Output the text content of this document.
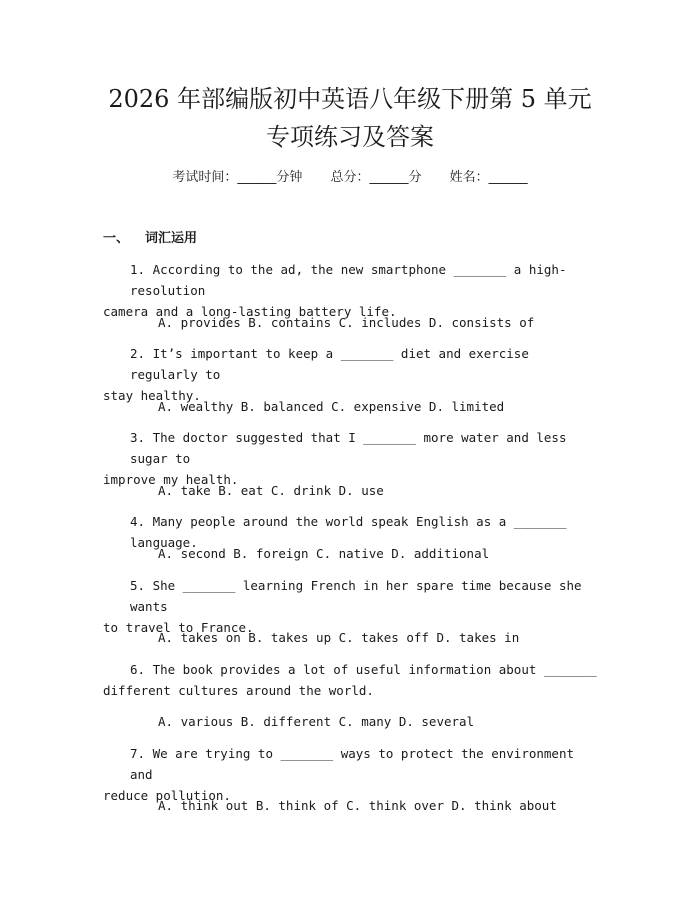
2026 年部编版初中英语八年级下册第 5 单元
专项练习及答案
考试时间：______分钟 总分：______分 姓名：______
一、 词汇运用

1. According to the ad, the new smartphone _______ a high-resolution

camera and a long-lasting battery life.

A. provides B. contains C. includes D. consists of

2. It’s important to keep a _______ diet and exercise regularly to

stay healthy.

A. wealthy B. balanced C. expensive D. limited

3. The doctor suggested that I _______ more water and less sugar to

improve my health.

A. take B. eat C. drink D. use

4. Many people around the world speak English as a _______ language.

A. second B. foreign C. native D. additional

5. She _______ learning French in her spare time because she wants

to travel to France.

A. takes on B. takes up C. takes off D. takes in

6. The book provides a lot of useful information about _______

different cultures around the world.

A. various B. different C. many D. several

7. We are trying to _______ ways to protect the environment and

reduce pollution.

A. think out B. think of C. think over D. think about
